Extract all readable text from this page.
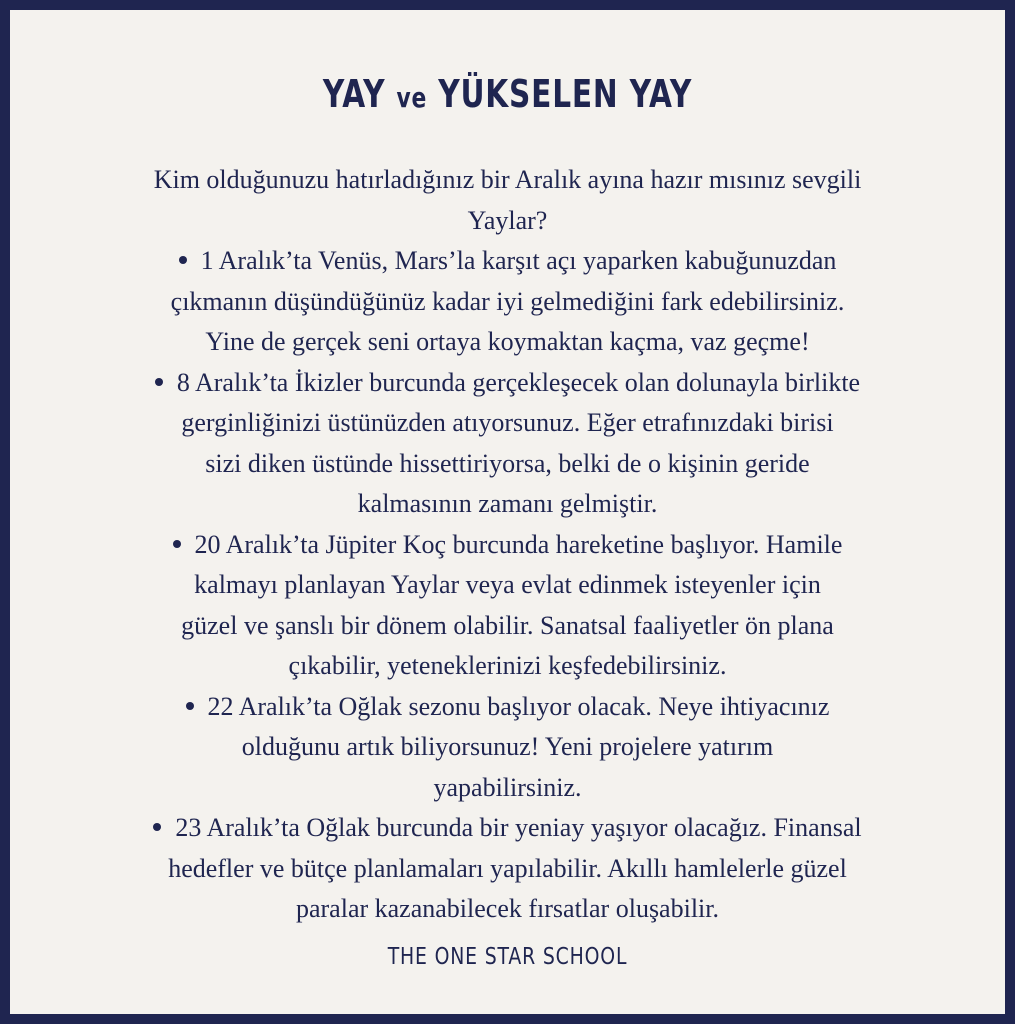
YAY ve YÜKSELEN YAY
Kim olduğunuzu hatırladığınız bir Aralık ayına hazır mısınız sevgili
Yaylar?
1 Aralık’ta Venüs, Mars’la karşıt açı yaparken kabuğunuzdan
çıkmanın düşündüğünüz kadar iyi gelmediğini fark edebilirsiniz.
Yine de gerçek seni ortaya koymaktan kaçma, vaz geçme!
8 Aralık’ta İkizler burcunda gerçekleşecek olan dolunayla birlikte
gerginliğinizi üstünüzden atıyorsunuz. Eğer etrafınızdaki birisi
sizi diken üstünde hissettiriyorsa, belki de o kişinin geride
kalmasının zamanı gelmiştir.
20 Aralık’ta Jüpiter Koç burcunda hareketine başlıyor. Hamile
kalmayı planlayan Yaylar veya evlat edinmek isteyenler için
güzel ve şanslı bir dönem olabilir. Sanatsal faaliyetler ön plana
çıkabilir, yeteneklerinizi keşfedebilirsiniz.
22 Aralık’ta Oğlak sezonu başlıyor olacak. Neye ihtiyacınız
olduğunu artık biliyorsunuz! Yeni projelere yatırım
yapabilirsiniz.
23 Aralık’ta Oğlak burcunda bir yeniay yaşıyor olacağız. Finansal
hedefler ve bütçe planlamaları yapılabilir. Akıllı hamlelerle güzel
paralar kazanabilecek fırsatlar oluşabilir.
THE ONE STAR SCHOOL
